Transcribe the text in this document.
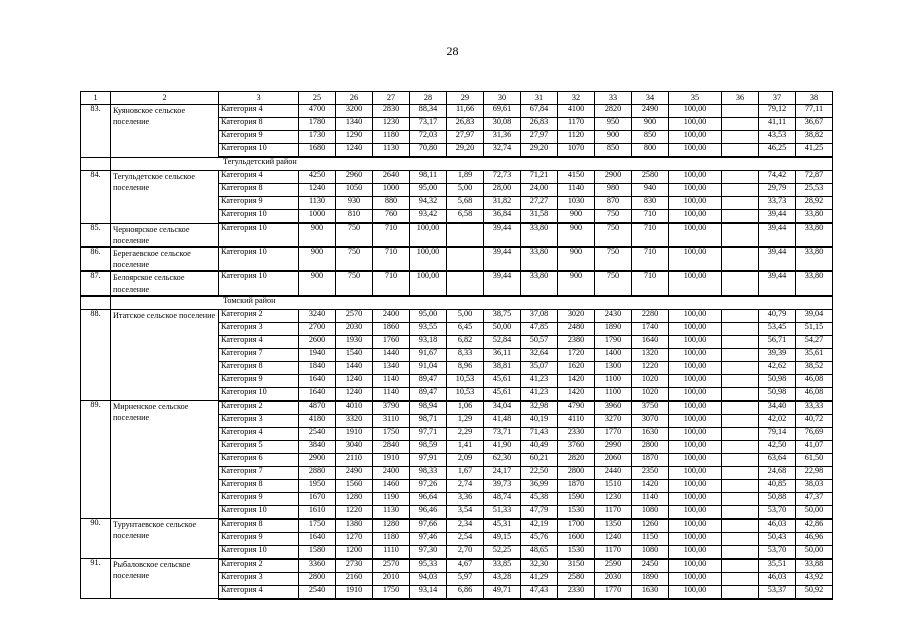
28
1	2	3	25	26	27	28	29	30	31	32	33	34	35	36	37	38
83.	Куяновское сельское поселение	Категория 4	4700	3200	2830	88,34	11,66	69,61	67,84	4100	2820	2490	100,00		79,12	77,11
		Категория 8	1780	1340	1230	73,17	26,83	30,08	26,83	1170	950	900	100,00		41,11	36,67
		Категория 9	1730	1290	1180	72,03	27,97	31,36	27,97	1120	900	850	100,00		43,53	38,82
		Категория 10	1680	1240	1130	70,80	29,20	32,74	29,20	1070	850	800	100,00		46,25	41,25
	Тегульдетский район															
84.	Тегульдетское сельское поселение	Категория 4	4250	2960	2640	98,11	1,89	72,73	71,21	4150	2900	2580	100,00		74,42	72,87
		Категория 8	1240	1050	1000	95,00	5,00	28,00	24,00	1140	980	940	100,00		29,79	25,53
		Категория 9	1130	930	880	94,32	5,68	31,82	27,27	1030	870	830	100,00		33,73	28,92
		Категория 10	1000	810	760	93,42	6,58	36,84	31,58	900	750	710	100,00		39,44	33,80
85.	Черноярское сельское поселение	Категория 10	900	750	710	100,00		39,44	33,80	900	750	710	100,00		39,44	33,80
86.	Берегаевское сельское поселение	Категория 10	900	750	710	100,00		39,44	33,80	900	750	710	100,00		39,44	33,80
87.	Белоярское сельское поселение	Категория 10	900	750	710	100,00		39,44	33,80	900	750	710	100,00		39,44	33,80
	Томский район															
88.	Итатское сельское поселение	Категория 2	3240	2570	2400	95,00	5,00	38,75	37,08	3020	2430	2280	100,00		40,79	39,04
		Категория 3	2700	2030	1860	93,55	6,45	50,00	47,85	2480	1890	1740	100,00		53,45	51,15
		Категория 4	2600	1930	1760	93,18	6,82	52,84	50,57	2380	1790	1640	100,00		56,71	54,27
		Категория 7	1940	1540	1440	91,67	8,33	36,11	32,64	1720	1400	1320	100,00		39,39	35,61
		Категория 8	1840	1440	1340	91,04	8,96	38,81	35,07	1620	1300	1220	100,00		42,62	38,52
		Категория 9	1640	1240	1140	89,47	10,53	45,61	41,23	1420	1100	1020	100,00		50,98	46,08
		Категория 10	1640	1240	1140	89,47	10,53	45,61	41,23	1420	1100	1020	100,00		50,98	46,08
89.	Мирненское сельское поселение	Категория 2	4870	4010	3790	98,94	1,06	34,04	32,98	4790	3960	3750	100,00		34,40	33,33
		Категория 3	4180	3320	3110	98,71	1,29	41,48	40,19	4110	3270	3070	100,00		42,02	40,72
		Категория 4	2540	1910	1750	97,71	2,29	73,71	71,43	2330	1770	1630	100,00		79,14	76,69
		Категория 5	3840	3040	2840	98,59	1,41	41,90	40,49	3760	2990	2800	100,00		42,50	41,07
		Категория 6	2900	2110	1910	97,91	2,09	62,30	60,21	2820	2060	1870	100,00		63,64	61,50
		Категория 7	2880	2490	2400	98,33	1,67	24,17	22,50	2800	2440	2350	100,00		24,68	22,98
		Категория 8	1950	1560	1460	97,26	2,74	39,73	36,99	1870	1510	1420	100,00		40,85	38,03
		Категория 9	1670	1280	1190	96,64	3,36	48,74	45,38	1590	1230	1140	100,00		50,88	47,37
		Категория 10	1610	1220	1130	96,46	3,54	51,33	47,79	1530	1170	1080	100,00		53,70	50,00
90.	Турунтаевское сельское поселение	Категория 8	1750	1380	1280	97,66	2,34	45,31	42,19	1700	1350	1260	100,00		46,03	42,86
		Категория 9	1640	1270	1180	97,46	2,54	49,15	45,76	1600	1240	1150	100,00		50,43	46,96
		Категория 10	1580	1200	1110	97,30	2,70	52,25	48,65	1530	1170	1080	100,00		53,70	50,00
91.	Рыбаловское сельское поселение	Категория 2	3360	2730	2570	95,33	4,67	33,85	32,30	3150	2590	2450	100,00		35,51	33,88
		Категория 3	2800	2160	2010	94,03	5,97	43,28	41,29	2580	2030	1890	100,00		46,03	43,92
		Категория 4	2540	1910	1750	93,14	6,86	49,71	47,43	2330	1770	1630	100,00		53,37	50,92
